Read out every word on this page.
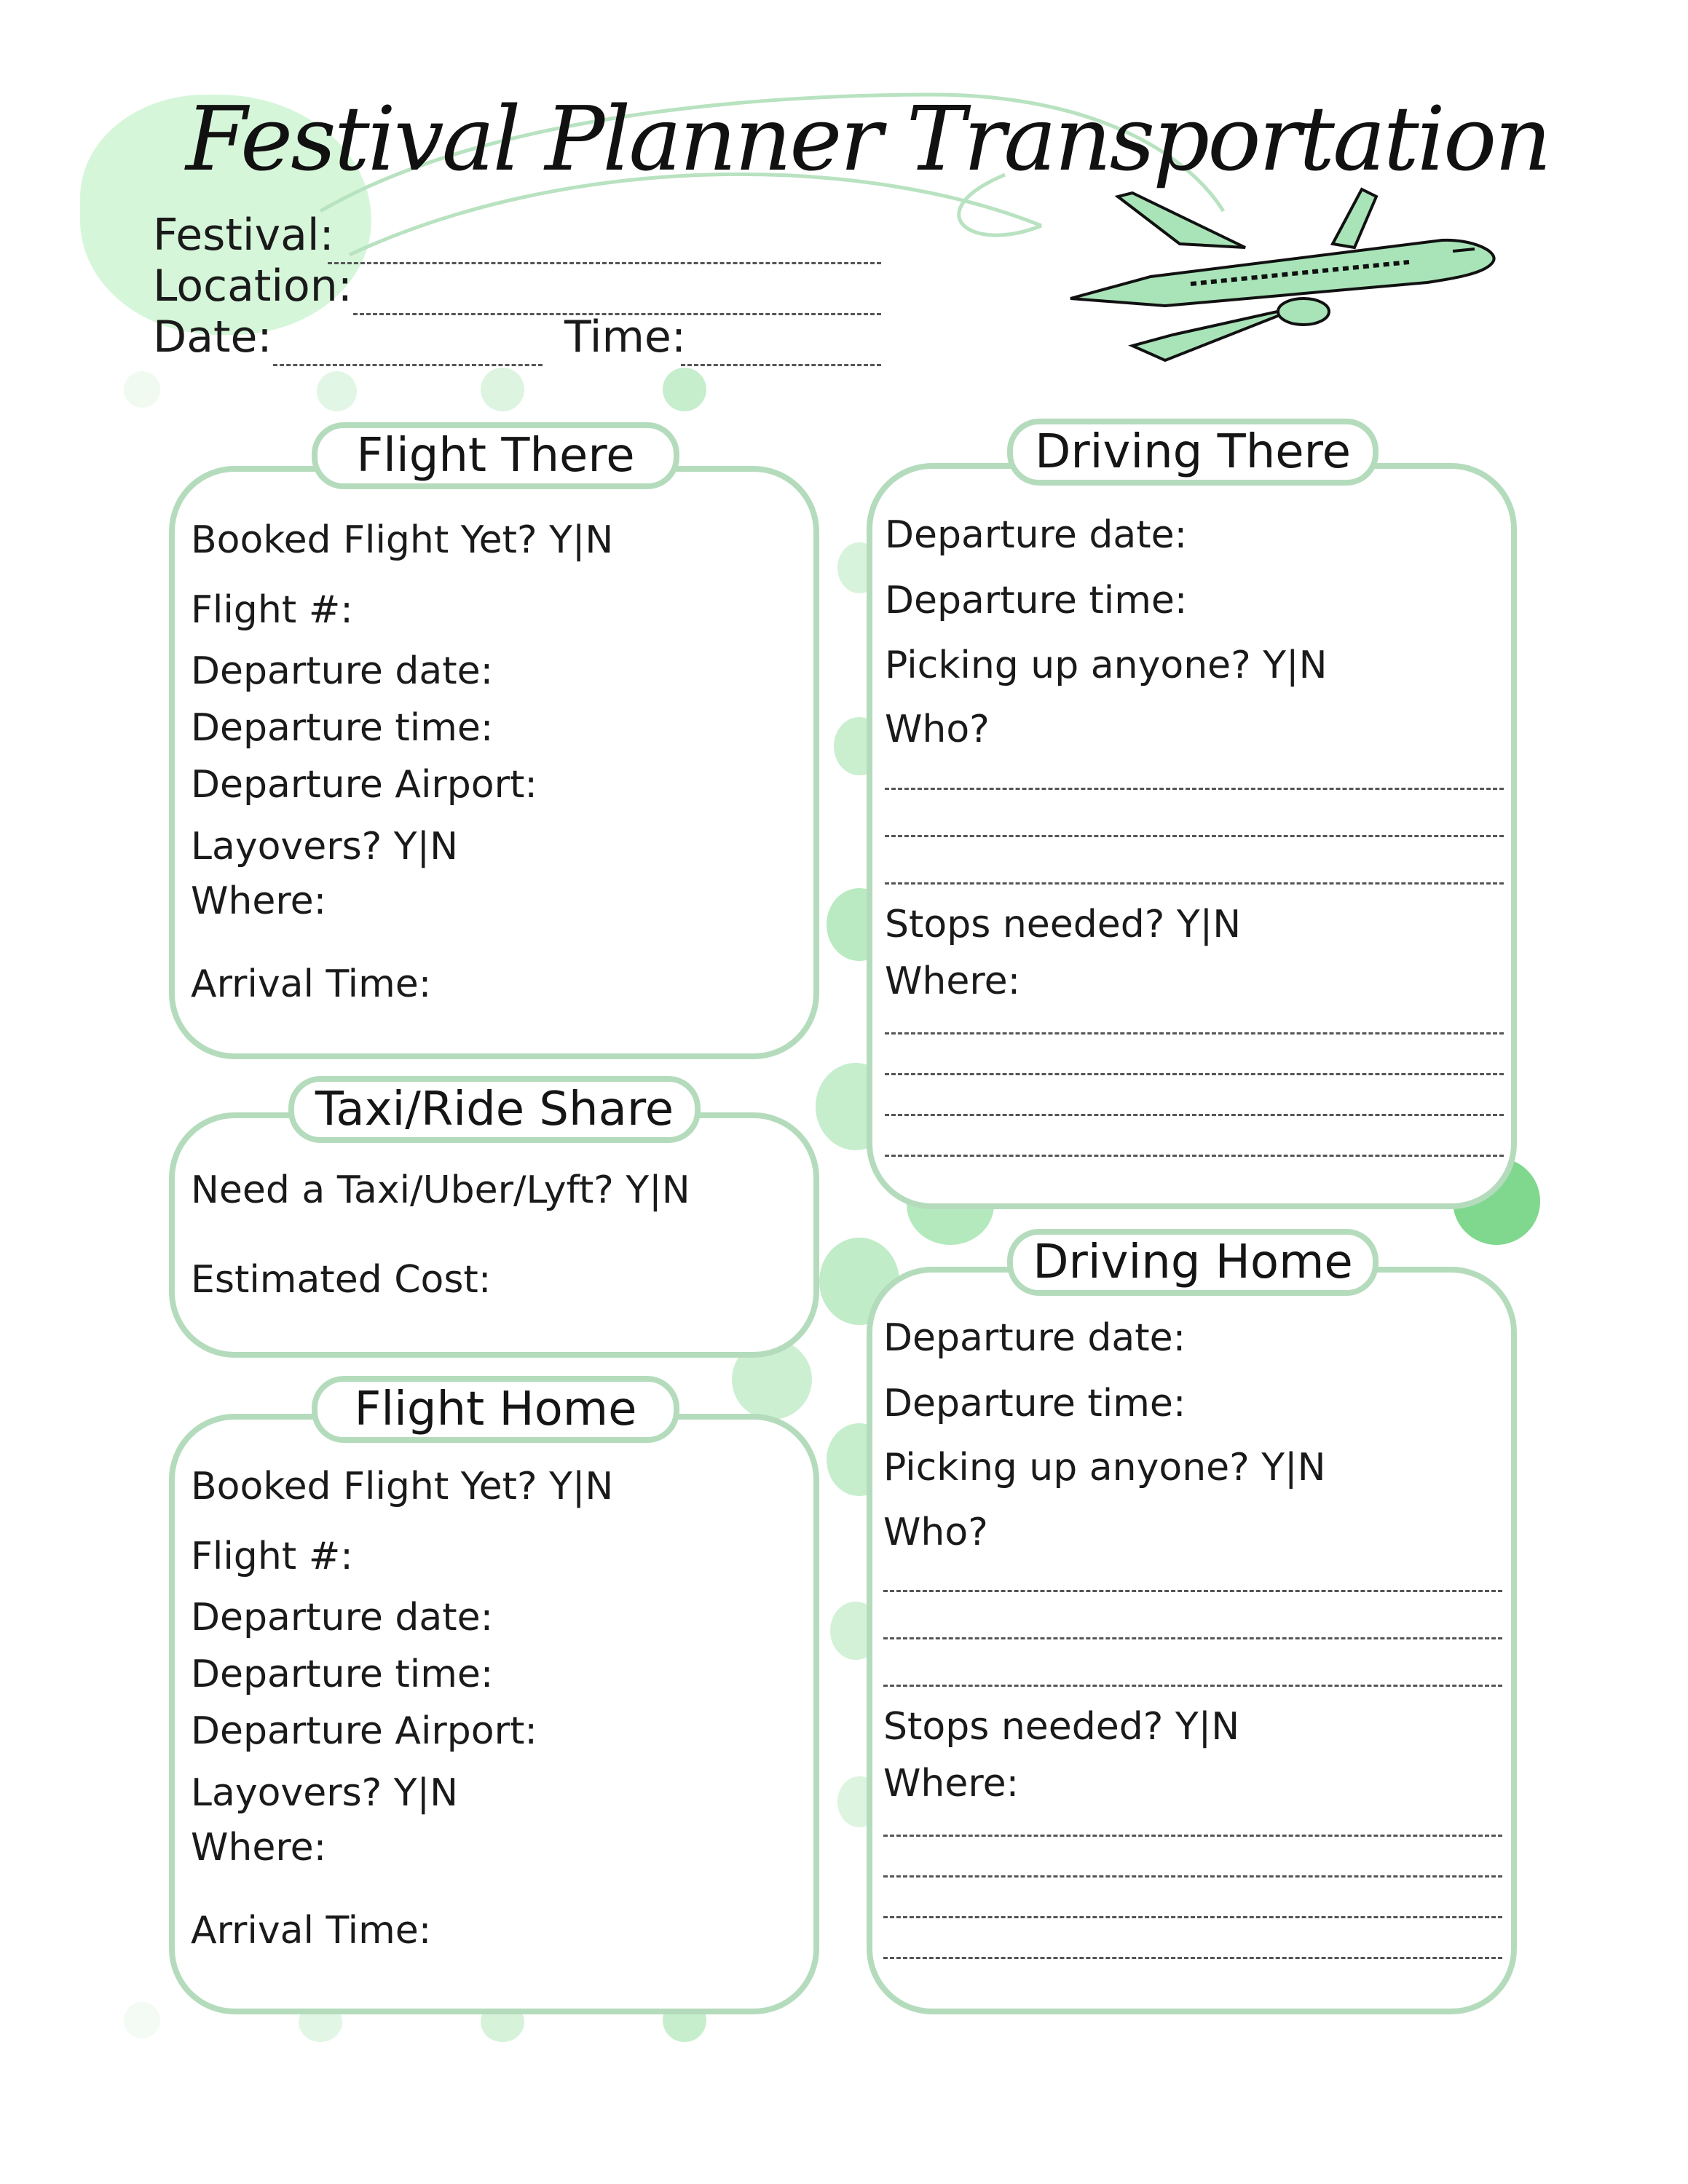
Festival Planner Transportation
Festival:
Location:
Date:	Time:
Flight There
Booked Flight Yet? Y|N
Flight #:
Departure date:
Departure time:
Departure Airport:
Layovers? Y|N
Where:
Arrival Time:
Taxi/Ride Share
Need a Taxi/Uber/Lyft? Y|N
Estimated Cost:
Flight Home
Booked Flight Yet? Y|N
Flight #:
Departure date:
Departure time:
Departure Airport:
Layovers? Y|N
Where:
Arrival Time:
Driving There
Departure date:
Departure time:
Picking up anyone? Y|N
Who?
Stops needed? Y|N
Where:
Driving Home
Departure date:
Departure time:
Picking up anyone? Y|N
Who?
Stops needed? Y|N
Where:
